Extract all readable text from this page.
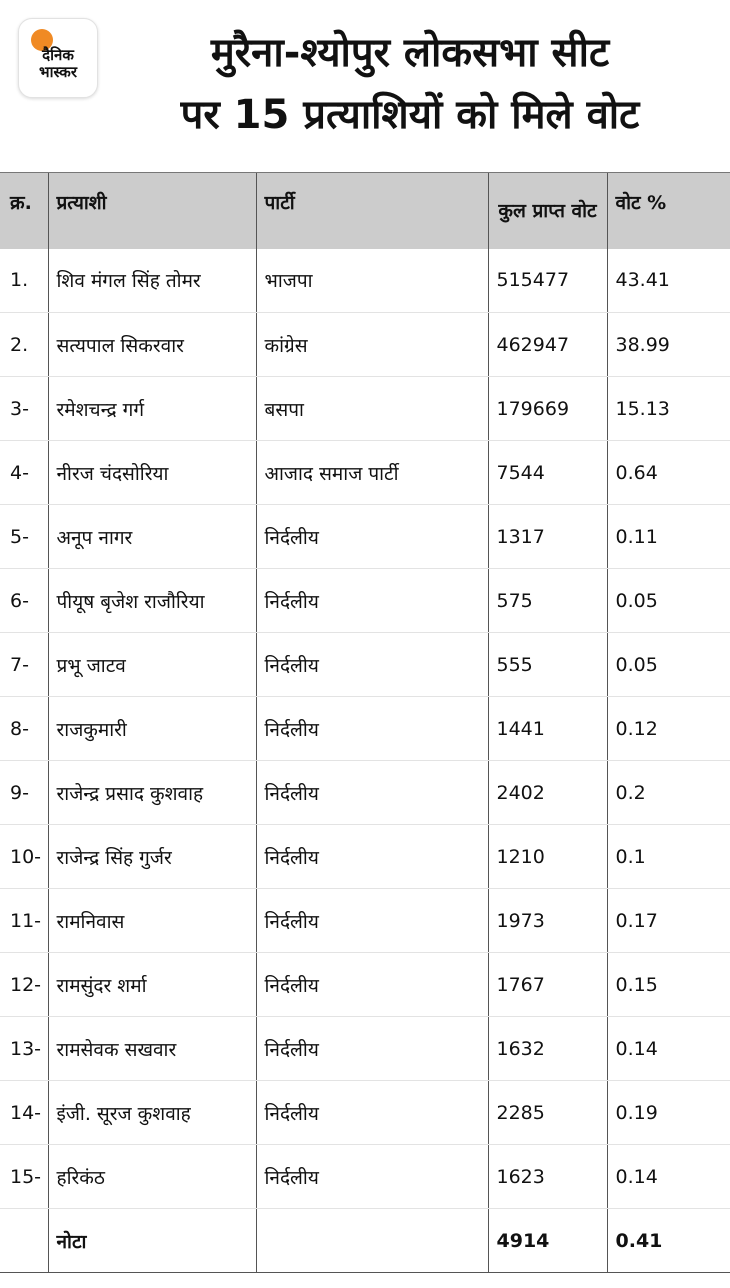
दैनिक
भास्कर	मुरैना-श्योपुर लोकसभा सीट
पर 15 प्रत्याशियों को मिले वोट
क्र.	प्रत्याशी	पार्टी	कुल प्राप्त वोट	वोट %

1.	शिव मंगल सिंह तोमर	भाजपा	515477	43.41
2.	सत्यपाल सिकरवार	कांग्रेस	462947	38.99
3-	रमेशचन्द्र गर्ग	बसपा	179669	15.13
4-	नीरज चंदसोरिया	आजाद समाज पार्टी	7544	0.64
5-	अनूप नागर	निर्दलीय	1317	0.11
6-	पीयूष बृजेश राजौरिया	निर्दलीय	575	0.05
7-	प्रभू जाटव	निर्दलीय	555	0.05
8-	राजकुमारी	निर्दलीय	1441	0.12
9-	राजेन्द्र प्रसाद कुशवाह	निर्दलीय	2402	0.2
10-	राजेन्द्र सिंह गुर्जर	निर्दलीय	1210	0.1
11-	रामनिवास	निर्दलीय	1973	0.17
12-	रामसुंदर शर्मा	निर्दलीय	1767	0.15
13-	रामसेवक सखवार	निर्दलीय	1632	0.14
14-	इंजी. सूरज कुशवाह	निर्दलीय	2285	0.19
15-	हरिकंठ	निर्दलीय	1623	0.14
	नोटा		4914	0.41
